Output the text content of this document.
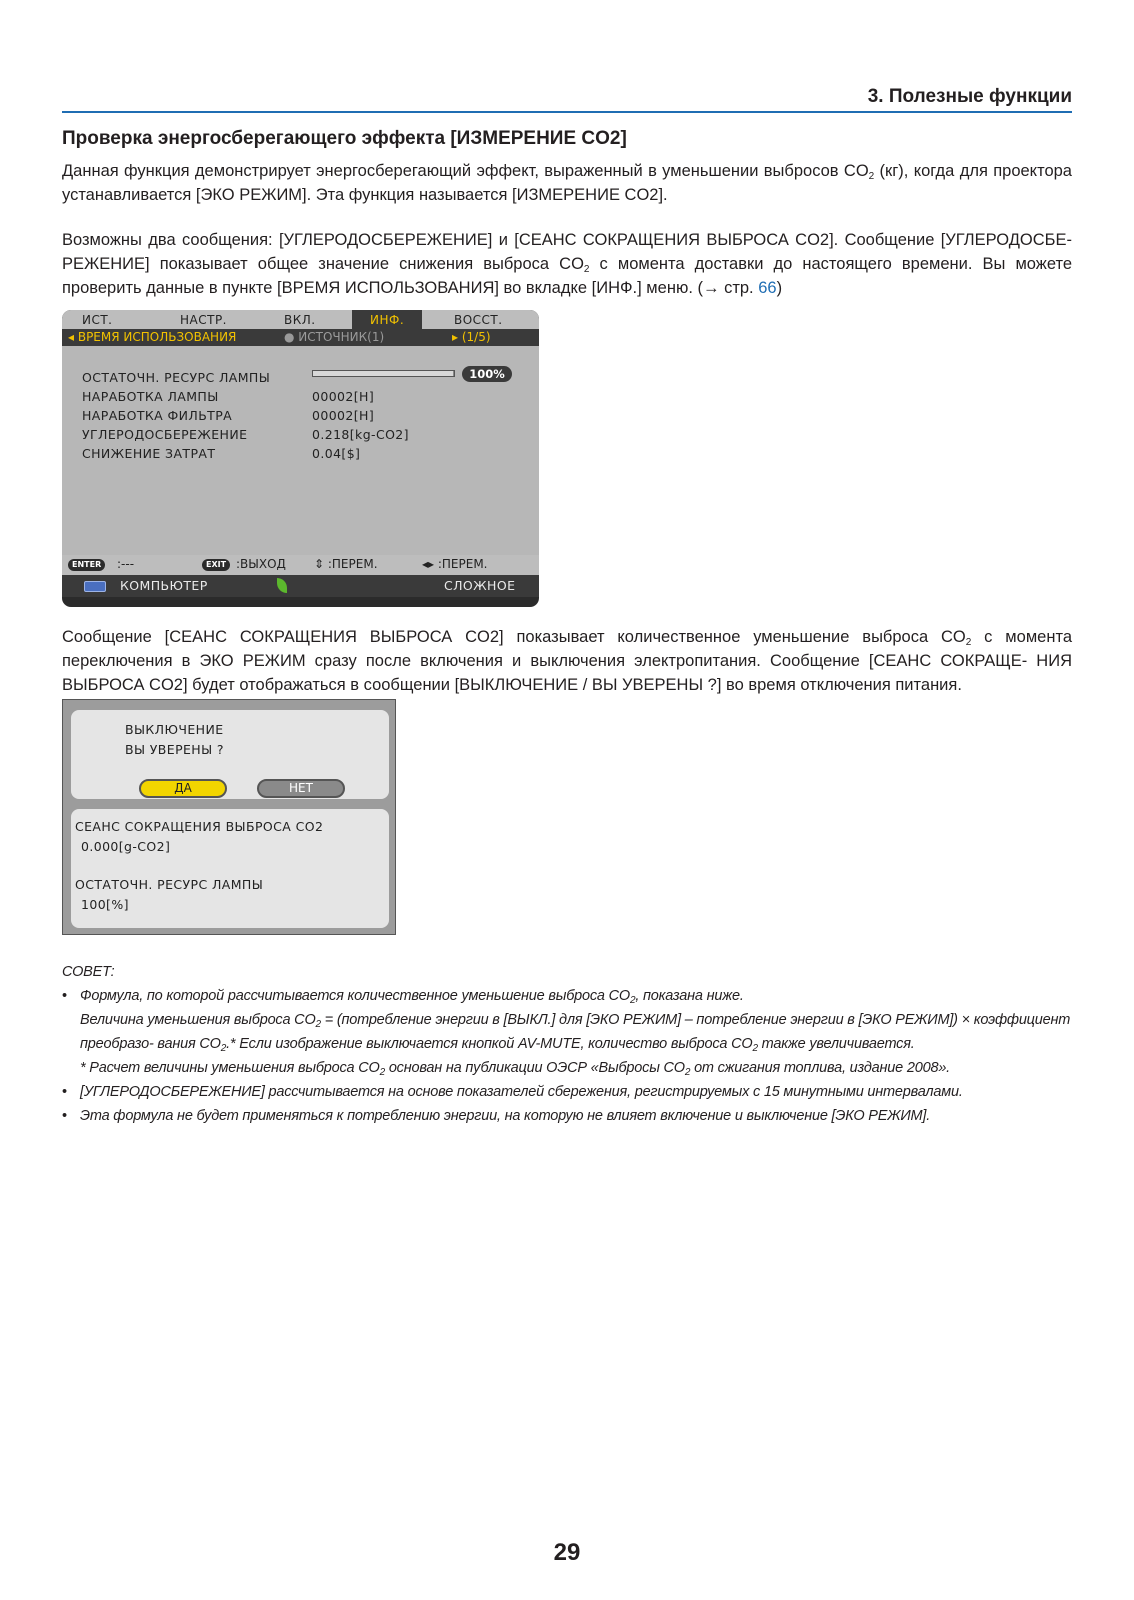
3. Полезные функции
Проверка энергосберегающего эффекта [ИЗМЕРЕНИЕ CO2]

Данная функция демонстрирует энергосберегающий эффект, выраженный в уменьшении выбросов $CO_2$ (кг), когда для проектора устанавливается [ЭКО РЕЖИМ]. Эта функция называется [ИЗМЕРЕНИЕ CO2].

Возможны два сообщения: [УГЛЕРОДОСБЕРЕЖЕНИЕ] и [СЕАНС СОКРАЩЕНИЯ ВЫБРОСА CO2]. Сообщение [УГЛЕРОДОСБЕ- РЕЖЕНИЕ] показывает общее значение снижения выброса $CO_2$ с момента доставки до настоящего времени. Вы можете проверить данные в пункте [ВРЕМЯ ИСПОЛЬЗОВАНИЯ] во вкладке [ИНФ.] меню. (→ стр. 66)

ИСТ.	НАСТР.	ВКЛ.	ИНФ.	ВОССТ.
◂ ВРЕМЯ ИСПОЛЬЗОВАНИЯ	● ИСТОЧНИК(1)	▸ (1/5)
ОСТАТОЧН. РЕСУРС ЛАМПЫ	100%
НАРАБОТКА ЛАМПЫ	00002[H]
НАРАБОТКА ФИЛЬТРА	00002[H]
УГЛЕРОДОСБЕРЕЖЕНИЕ	0.218[kg-CO2]
СНИЖЕНИЕ ЗАТРАТ	0.04[$]
ENTER	:---	EXIT :ВЫХОД ⇕ :ПЕРЕМ.	◂▸ :ПЕРЕМ.
КОМПЬЮТЕР	СЛОЖНОЕ

Сообщение [СЕАНС СОКРАЩЕНИЯ ВЫБРОСА CO2] показывает количественное уменьшение выброса $CO_2$ с момента переключения в ЭКО РЕЖИМ сразу после включения и выключения электропитания. Сообщение [СЕАНС СОКРАЩЕ- НИЯ ВЫБРОСА CO2] будет отображаться в сообщении [ВЫКЛЮЧЕНИЕ / ВЫ УВЕРЕНЫ ?] во время отключения питания.

ВЫКЛЮЧЕНИЕ
ВЫ УВЕРЕНЫ ?
ДА	НЕТ
СЕАНС СОКРАЩЕНИЯ ВЫБРОСА CO2
0.000[g-CO2]
ОСТАТОЧН. РЕСУРС ЛАМПЫ
100[%]
СОВЕТ:
• Формула, по которой рассчитывается количественное уменьшение выброса $CO_2$, показана ниже.
Величина уменьшения выброса $CO_2$ = (потребление энергии в [ВЫКЛ.] для [ЭКО РЕЖИМ] – потребление энергии в [ЭКО РЕЖИМ]) × коэффициент преобразо- вания $CO_2.*$ Если изображение выключается кнопкой AV-MUTE, количество выброса $CO_2$ также увеличивается.
* Расчет величины уменьшения выброса $CO_2$ основан на публикации ОЭСР «Выбросы $CO_2$ от сжигания топлива, издание 2008».
• [УГЛЕРОДОСБЕРЕЖЕНИЕ] рассчитывается на основе показателей сбережения, регистрируемых с 15 минутными интервалами.
• Эта формула не будет применяться к потреблению энергии, на которую не влияет включение и выключение [ЭКО РЕЖИМ].
29
